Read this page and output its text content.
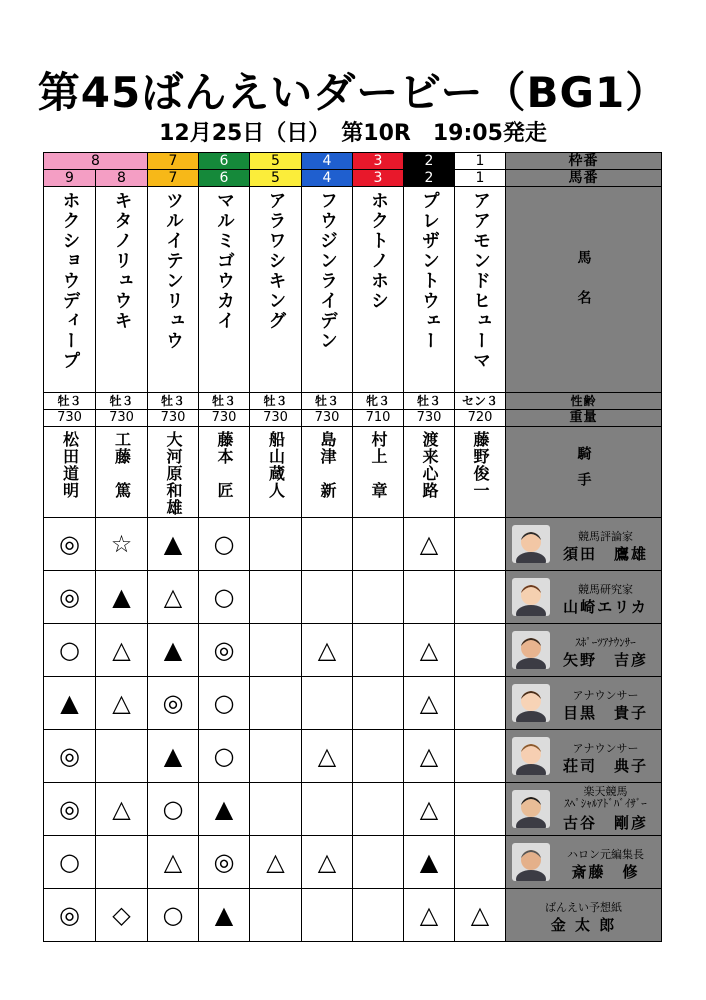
第45ばんえいダービー（BG1）
12月25日（日）　第10R　19:05発走
8		7	6	5	4	3	2	1	枠番
9	8	7	6	5	4	3	2	1	馬番

ホクショウディープ	キタノリュウキ	ツルイテンリュウ	マルミゴウカイ	アラワシキング	フウジンライデン	ホクトノホシ	プレザントウェー	アアモンドヒューマ	馬名

牡３	牡３	牡３	牡３	牡３	牡３	牝３	牡３	セン３	性齢
730	730	730	730	730	730	710	730	720	重量

松田道明	工藤　篤	大河原和雄	藤本　匠	船山蔵人	島津　新	村上　章	渡来心路	藤野俊一	騎手

◎	☆	▲	○				△		競馬評論家
須田　鷹雄

◎	▲	△	○						競馬研究家
山崎エリカ

○	△	▲	◎		△		△		ｽﾎﾟｰﾂｱﾅｳﾝｻｰ
矢野　吉彦

▲	△	◎	○				△		アナウンサー
目黒　貴子

◎		▲	○		△		△		アナウンサー
荘司　典子

◎	△	○	▲				△		楽天競馬
ｽﾍﾟｼｬﾙｱﾄﾞﾊﾞｲｻﾞｰ
古谷　剛彦

○		△	◎	△	△		▲		ハロン元編集長
斎藤　修

◎	◇	○	▲				△	△	ばんえい予想紙
金 太 郎
